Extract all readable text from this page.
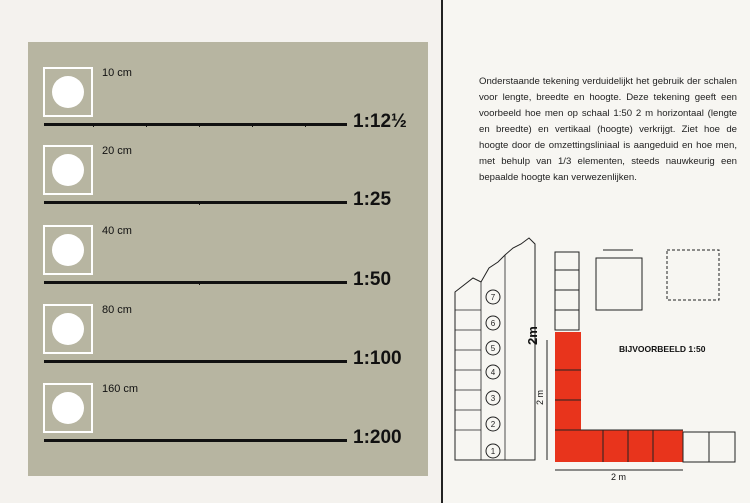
10 cm
1:12½
20 cm
1:25
40 cm
1:50
80 cm
1:100
160 cm
1:200

Onderstaande tekening verduidelijkt het gebruik der schalen voor lengte, breedte en hoogte. Deze tekening geeft een voorbeeld hoe men op schaal 1:50 2 m horizontaal (lengte en breedte) en vertikaal (hoogte) verkrijgt. Ziet hoe de hoogte door de omzettingsliniaal is aangeduid en hoe men, met behulp van 1/3 elementen, steeds nauwkeurig een bepaalde hoogte kan verwezenlijken.

1
2
3
4
5
6
7
2m
2 m
2 m
BIJVOORBEELD 1:50
